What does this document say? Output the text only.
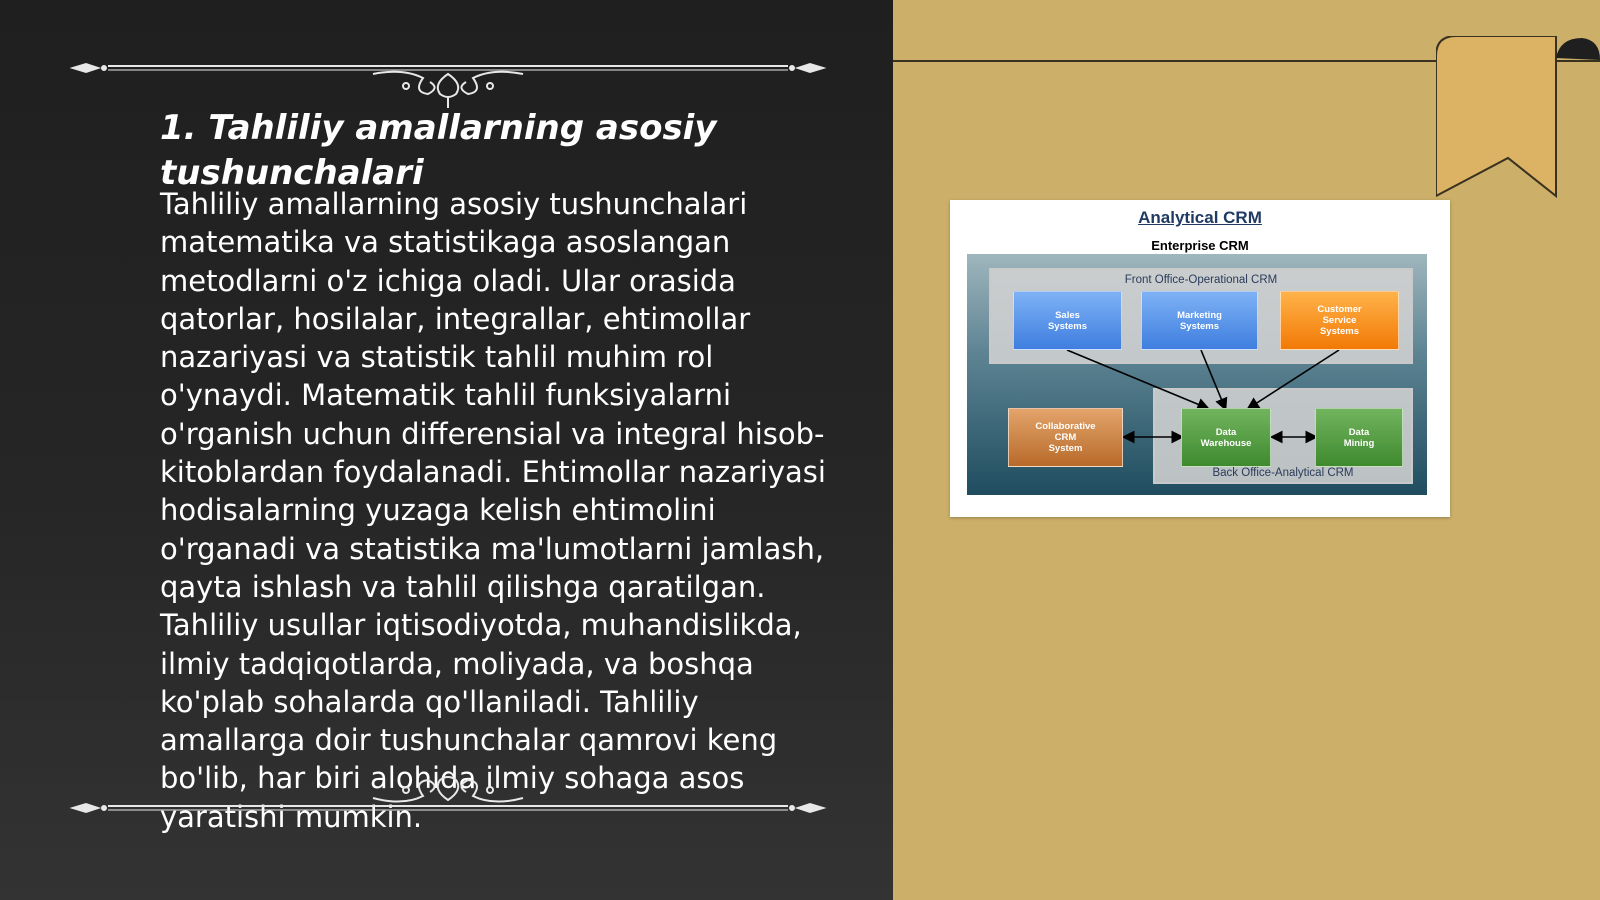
1. Tahliliy amallarning asosiy tushunchalari

Tahliliy amallarning asosiy tushunchalari matematika va statistikaga asoslangan metodlarni o'z ichiga oladi. Ular orasida qatorlar, hosilalar, integrallar, ehtimollar nazariyasi va statistik tahlil muhim rol o'ynaydi. Matematik tahlil funksiyalarni o'rganish uchun differensial va integral hisob-kitoblardan foydalanadi. Ehtimollar nazariyasi hodisalarning yuzaga kelish ehtimolini o'rganadi va statistika ma'lumotlarni jamlash, qayta ishlash va tahlil qilishga qaratilgan. Tahliliy usullar iqtisodiyotda, muhandislikda, ilmiy tadqiqotlarda, moliyada, va boshqa ko'plab sohalarda qo'llaniladi. Tahliliy amallarga doir tushunchalar qamrovi keng bo'lib, har biri alohida ilmiy sohaga asos yaratishi mumkin.

Analytical CRM
Enterprise CRM
Front Office-Operational CRM
Back Office-Analytical CRM
Sales
Systems
Marketing
Systems
Customer
Service
Systems
Collaborative
CRM
System
Data
Warehouse
Data
Mining
